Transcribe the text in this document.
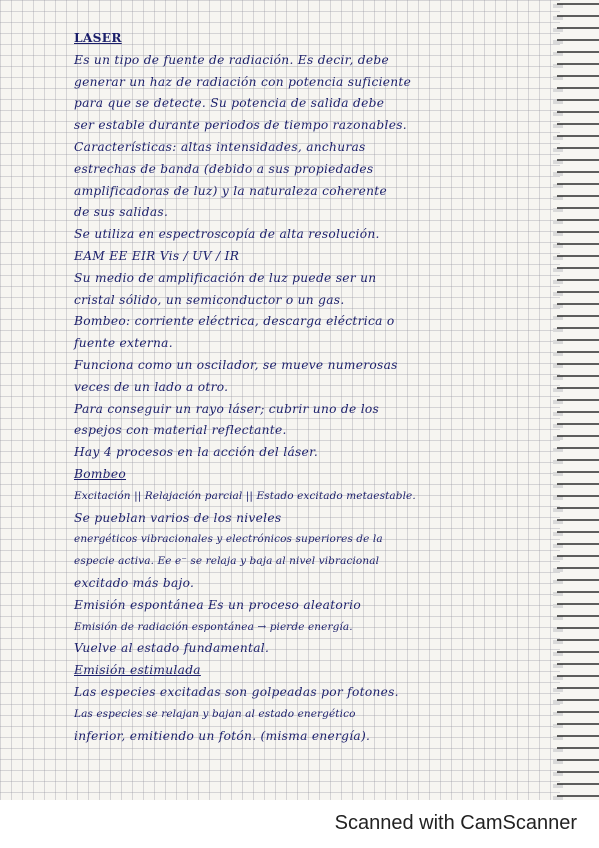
LASER
Es un tipo de fuente de radiación. Es decir, debe
generar un haz de radiación con potencia suficiente
para que se detecte. Su potencia de salida debe
ser estable durante periodos de tiempo razonables.
Características: altas intensidades, anchuras
estrechas de banda (debido a sus propiedades
amplificadoras de luz) y la naturaleza coherente
de sus salidas.
Se utiliza en espectroscopía de alta resolución.
EAM EE EIR Vis / UV / IR
Su medio de amplificación de luz puede ser un
cristal sólido, un semiconductor o un gas.
Bombeo: corriente eléctrica, descarga eléctrica o
fuente externa.
Funciona como un oscilador, se mueve numerosas
veces de un lado a otro.
Para conseguir un rayo láser; cubrir uno de los
espejos con material reflectante.
Hay 4 procesos en la acción del láser.
Bombeo
Excitación || Relajación parcial || Estado excitado metaestable.
Se pueblan varios de los niveles
energéticos vibracionales y electrónicos superiores de la
especie activa. Ee e⁻ se relaja y baja al nivel vibracional
excitado más bajo.
Emisión espontánea Es un proceso aleatorio
Emisión de radiación espontánea → pierde energía.
Vuelve al estado fundamental.
Emisión estimulada
Las especies excitadas son golpeadas por fotones.
Las especies se relajan y bajan al estado energético
inferior, emitiendo un fotón. (misma energía).
Scanned with CamScanner
